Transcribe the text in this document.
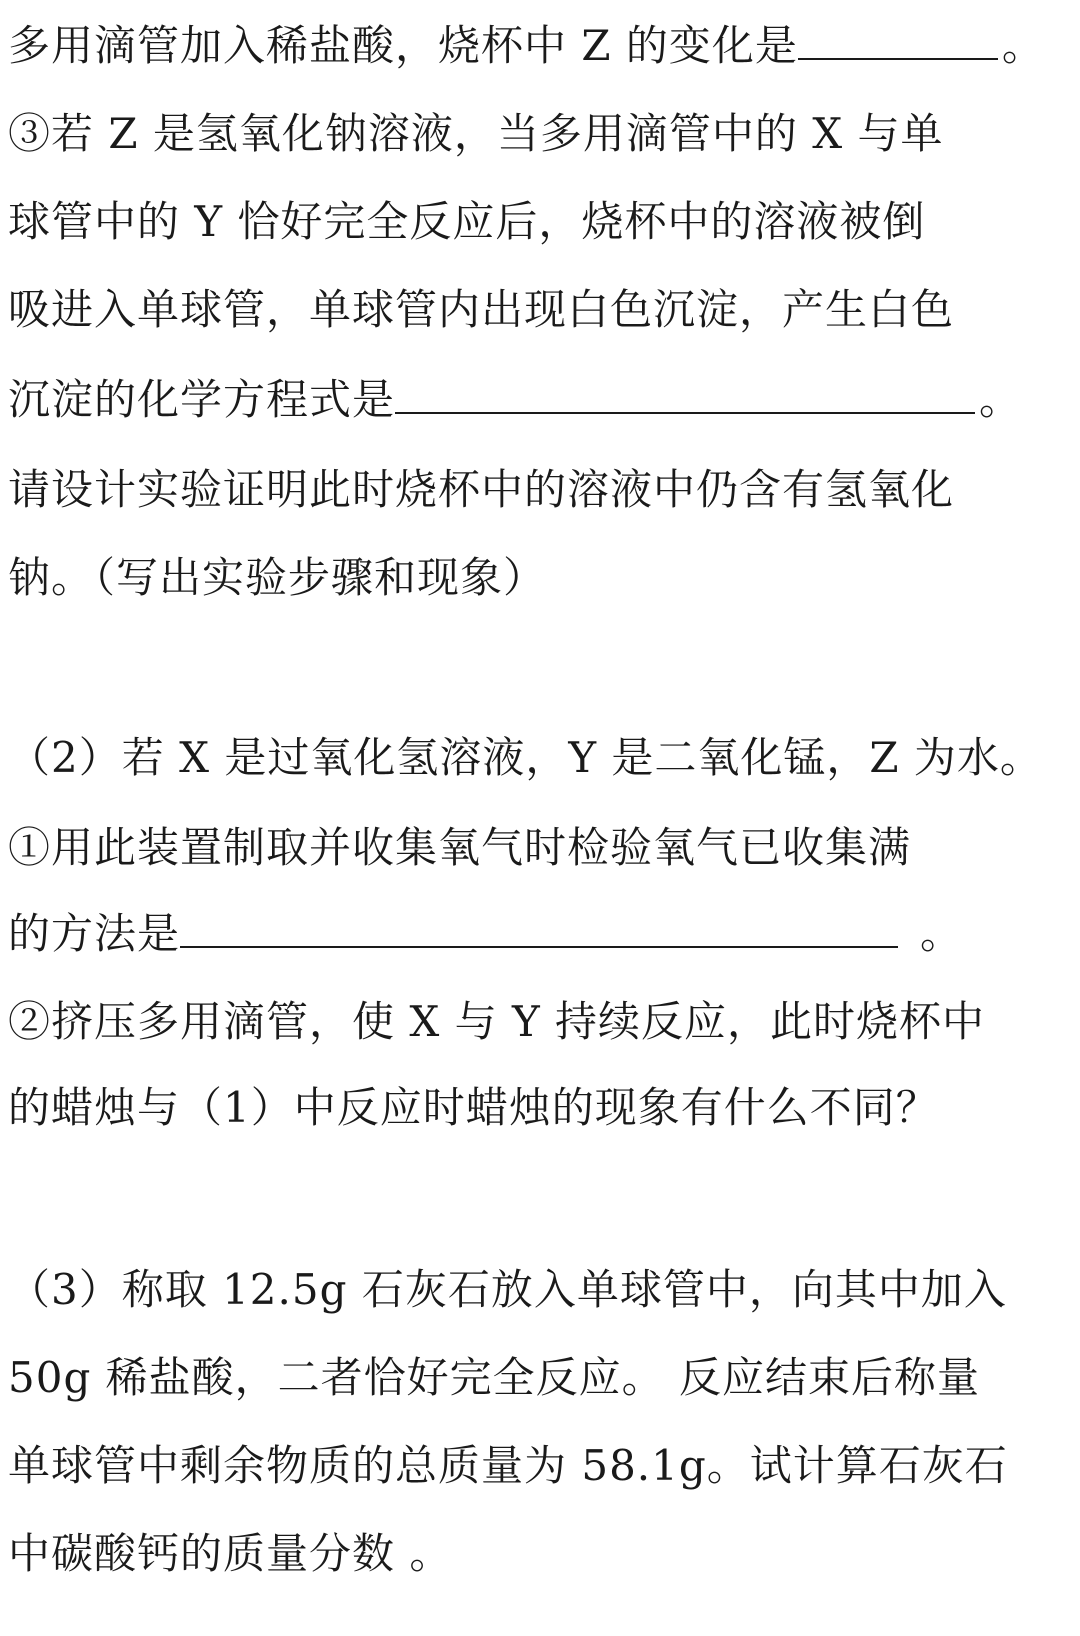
多用滴管加入稀盐酸，烧杯中 Z 的变化是	。
③若 Z 是氢氧化钠溶液，当多用滴管中的 X 与单
球管中的 Y 恰好完全反应后，烧杯中的溶液被倒
吸进入单球管，单球管内出现白色沉淀，产生白色
沉淀的化学方程式是	。
请设计实验证明此时烧杯中的溶液中仍含有氢氧化
钠。（写出实验步骤和现象）
（2）若 X 是过氧化氢溶液，Y 是二氧化锰，Z 为水。
①用此装置制取并收集氧气时检验氧气已收集满
的方法是	。
②挤压多用滴管，使 X 与 Y 持续反应，此时烧杯中
的蜡烛与（1）中反应时蜡烛的现象有什么不同？
（3）称取 12.5g 石灰石放入单球管中，向其中加入
50g 稀盐酸，二者恰好完全反应。 反应结束后称量
单球管中剩余物质的总质量为 58.1g。试计算石灰石
中碳酸钙的质量分数 。
